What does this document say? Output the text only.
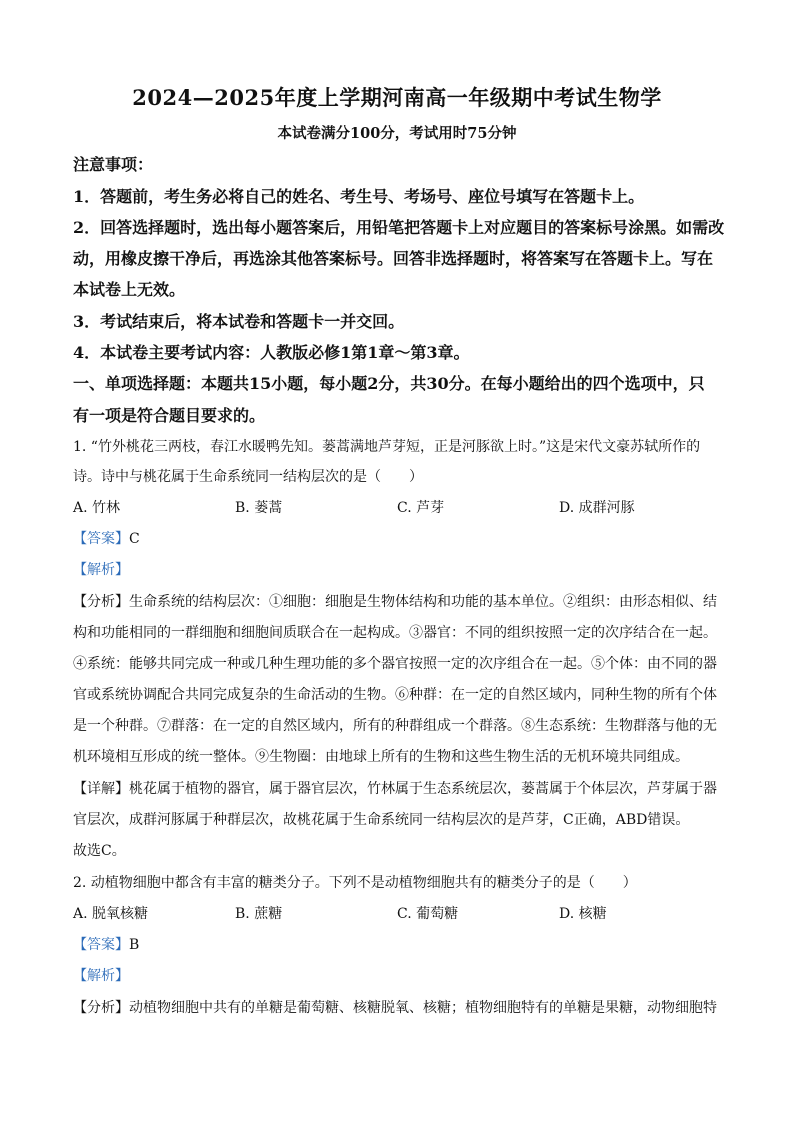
2024—2025年度上学期河南高一年级期中考试生物学
本试卷满分100分，考试用时75分钟
注意事项：
1．答题前，考生务必将自己的姓名、考生号、考场号、座位号填写在答题卡上。
2．回答选择题时，选出每小题答案后，用铅笔把答题卡上对应题目的答案标号涂黑。如需改
动，用橡皮擦干净后，再选涂其他答案标号。回答非选择题时，将答案写在答题卡上。写在
本试卷上无效。
3．考试结束后，将本试卷和答题卡一并交回。
4．本试卷主要考试内容：人教版必修1第1章～第3章。
一、单项选择题：本题共15小题，每小题2分，共30分。在每小题给出的四个选项中，只
有一项是符合题目要求的。
1. “竹外桃花三两枝，春江水暖鸭先知。蒌蒿满地芦芽短，正是河豚欲上时。”这是宋代文豪苏轼所作的
诗。诗中与桃花属于生命系统同一结构层次的是（　　）
A. 竹林	B. 蒌蒿	C. 芦芽	D. 成群河豚
【答案】C
【解析】
【分析】生命系统的结构层次：①细胞：细胞是生物体结构和功能的基本单位。②组织：由形态相似、结
构和功能相同的一群细胞和细胞间质联合在一起构成。③器官：不同的组织按照一定的次序结合在一起。
④系统：能够共同完成一种或几种生理功能的多个器官按照一定的次序组合在一起。⑤个体：由不同的器
官或系统协调配合共同完成复杂的生命活动的生物。⑥种群：在一定的自然区域内，同种生物的所有个体
是一个种群。⑦群落：在一定的自然区域内，所有的种群组成一个群落。⑧生态系统：生物群落与他的无
机环境相互形成的统一整体。⑨生物圈：由地球上所有的生物和这些生物生活的无机环境共同组成。
【详解】桃花属于植物的器官，属于器官层次，竹林属于生态系统层次，蒌蒿属于个体层次，芦芽属于器
官层次，成群河豚属于种群层次，故桃花属于生命系统同一结构层次的是芦芽，C正确，ABD错误。
故选C。
2. 动植物细胞中都含有丰富的糖类分子。下列不是动植物细胞共有的糖类分子的是（　　）
A. 脱氧核糖	B. 蔗糖	C. 葡萄糖	D. 核糖
【答案】B
【解析】
【分析】动植物细胞中共有的单糖是葡萄糖、核糖脱氧、核糖；植物细胞特有的单糖是果糖，动物细胞特
